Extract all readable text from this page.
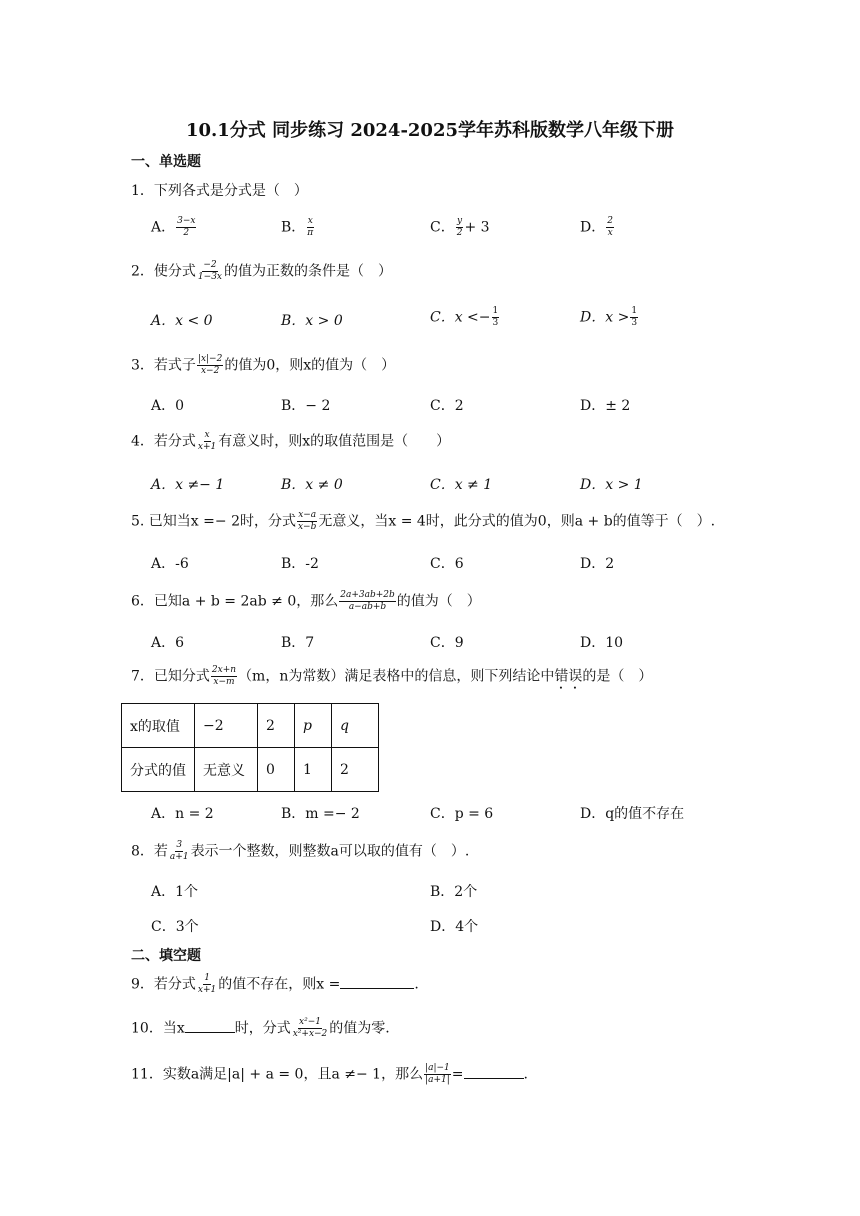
10.1分式 同步练习 2024-2025学年苏科版数学八年级下册
一、单选题
1．下列各式是分式是（　）
A． $\frac{3-x}{2}$	B． $\frac{x}{\pi}$	C． $\frac{y}{2} + 3$	D． $\frac{2}{x}$
2．使分式 $\frac{-2}{1-3x}$ 的值为正数的条件是（　）
A．x < 0	B．x > 0	C．$x <- \frac{1}{3}$	D．$x > \frac{1}{3}$
3．若式子 $\frac{|x|-2}{x-2}$ 的值为0，则x的值为（　）
A．0	B．− 2	C．2	D．± 2
4．若分式 $\frac{x}{x+1}$ 有意义时，则x的取值范围是（　　）
A．x ≠− 1	B．x ≠ 0	C．x ≠ 1	D．x > 1
5. 已知当x =− 2时，分式 $\frac{x-a}{x-b}$ 无意义，当x = 4时，此分式的值为0，则a + b的值等于（　）.
A．-6	B．-2	C．6	D．2
6．已知a + b = 2ab ≠ 0，那么 $\frac{2a+3ab+2b}{a-ab+b}$ 的值为（　）
A．6	B．7	C．9	D．10
7．已知分式 $\frac{2x+n}{x-m} (m$，n为常数）满足表格中的信息，则下列结论中错误的是（　）
x的取值	−2	2	p	q
分式的值	无意义	0	1	2
A．n = 2	B．m =− 2	C．p = 6	D．q的值不存在
8．若 $\frac{3}{a+1}$ 表示一个整数，则整数a可以取的值有（　）.
A．1个	B．2个
C．3个	D．4个
二、填空题
9．若分式 $\frac{1}{x+1}$ 的值不存在，则x =	.
10．当x	时，分式 $\frac{\text{x²−1}}{\text{x²+x−2}}$ 的值为零.
11．实数a满足|a| + a = 0，且a ≠− 1，那么 $\frac{|a|-1}{|a+1|}$ =	.
